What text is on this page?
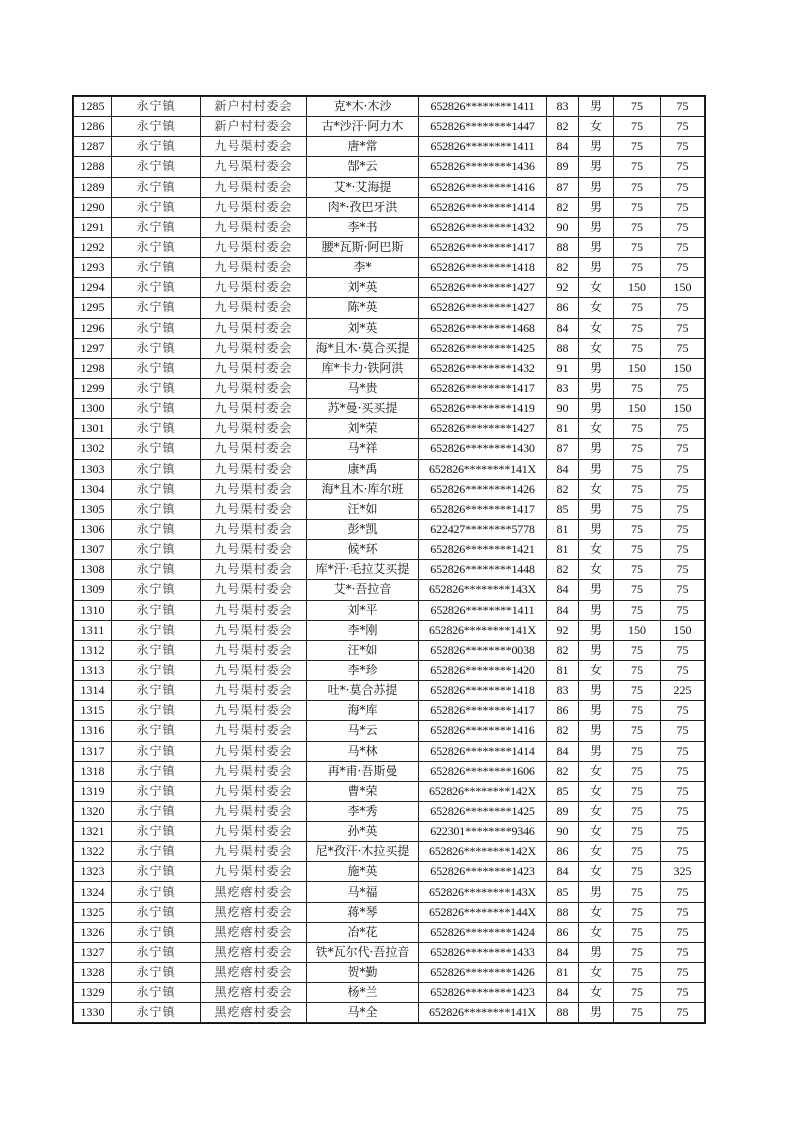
1285	永宁镇	新户村村委会	克*木·木沙	652826********1411	83	男	75	75
1286	永宁镇	新户村村委会	古*沙汗·阿力木	652826********1447	82	女	75	75
1287	永宁镇	九号渠村委会	唐*常	652826********1411	84	男	75	75
1288	永宁镇	九号渠村委会	郜*云	652826********1436	89	男	75	75
1289	永宁镇	九号渠村委会	艾*·艾海提	652826********1416	87	男	75	75
1290	永宁镇	九号渠村委会	肉*·孜巴牙洪	652826********1414	82	男	75	75
1291	永宁镇	九号渠村委会	李*书	652826********1432	90	男	75	75
1292	永宁镇	九号渠村委会	腰*瓦斯·阿巴斯	652826********1417	88	男	75	75
1293	永宁镇	九号渠村委会	李*	652826********1418	82	男	75	75
1294	永宁镇	九号渠村委会	刘*英	652826********1427	92	女	150	150
1295	永宁镇	九号渠村委会	陈*英	652826********1427	86	女	75	75
1296	永宁镇	九号渠村委会	刘*英	652826********1468	84	女	75	75
1297	永宁镇	九号渠村委会	海*且木·莫合买提	652826********1425	88	女	75	75
1298	永宁镇	九号渠村委会	库*卡力·铁阿洪	652826********1432	91	男	150	150
1299	永宁镇	九号渠村委会	马*贵	652826********1417	83	男	75	75
1300	永宁镇	九号渠村委会	苏*曼·买买提	652826********1419	90	男	150	150
1301	永宁镇	九号渠村委会	刘*荣	652826********1427	81	女	75	75
1302	永宁镇	九号渠村委会	马*祥	652826********1430	87	男	75	75
1303	永宁镇	九号渠村委会	康*禹	652826********141X	84	男	75	75
1304	永宁镇	九号渠村委会	海*且木·库尔班	652826********1426	82	女	75	75
1305	永宁镇	九号渠村委会	汪*如	652826********1417	85	男	75	75
1306	永宁镇	九号渠村委会	彭*凯	622427********5778	81	男	75	75
1307	永宁镇	九号渠村委会	候*环	652826********1421	81	女	75	75
1308	永宁镇	九号渠村委会	库*汗·毛拉艾买提	652826********1448	82	女	75	75
1309	永宁镇	九号渠村委会	艾*·吾拉音	652826********143X	84	男	75	75
1310	永宁镇	九号渠村委会	刘*平	652826********1411	84	男	75	75
1311	永宁镇	九号渠村委会	李*刚	652826********141X	92	男	150	150
1312	永宁镇	九号渠村委会	汪*如	652826********0038	82	男	75	75
1313	永宁镇	九号渠村委会	李*珍	652826********1420	81	女	75	75
1314	永宁镇	九号渠村委会	吐*·莫合苏提	652826********1418	83	男	75	225
1315	永宁镇	九号渠村委会	海*库	652826********1417	86	男	75	75
1316	永宁镇	九号渠村委会	马*云	652826********1416	82	男	75	75
1317	永宁镇	九号渠村委会	马*林	652826********1414	84	男	75	75
1318	永宁镇	九号渠村委会	再*甫·吾斯曼	652826********1606	82	女	75	75
1319	永宁镇	九号渠村委会	曹*荣	652826********142X	85	女	75	75
1320	永宁镇	九号渠村委会	李*秀	652826********1425	89	女	75	75
1321	永宁镇	九号渠村委会	孙*英	622301********9346	90	女	75	75
1322	永宁镇	九号渠村委会	尼*孜汗·木拉买提	652826********142X	86	女	75	75
1323	永宁镇	九号渠村委会	施*英	652826********1423	84	女	75	325
1324	永宁镇	黑疙瘩村委会	马*福	652826********143X	85	男	75	75
1325	永宁镇	黑疙瘩村委会	蒋*琴	652826********144X	88	女	75	75
1326	永宁镇	黑疙瘩村委会	冶*花	652826********1424	86	女	75	75
1327	永宁镇	黑疙瘩村委会	铁*瓦尔代·吾拉音	652826********1433	84	男	75	75
1328	永宁镇	黑疙瘩村委会	贺*勤	652826********1426	81	女	75	75
1329	永宁镇	黑疙瘩村委会	杨*兰	652826********1423	84	女	75	75
1330	永宁镇	黑疙瘩村委会	马*全	652826********141X	88	男	75	75
